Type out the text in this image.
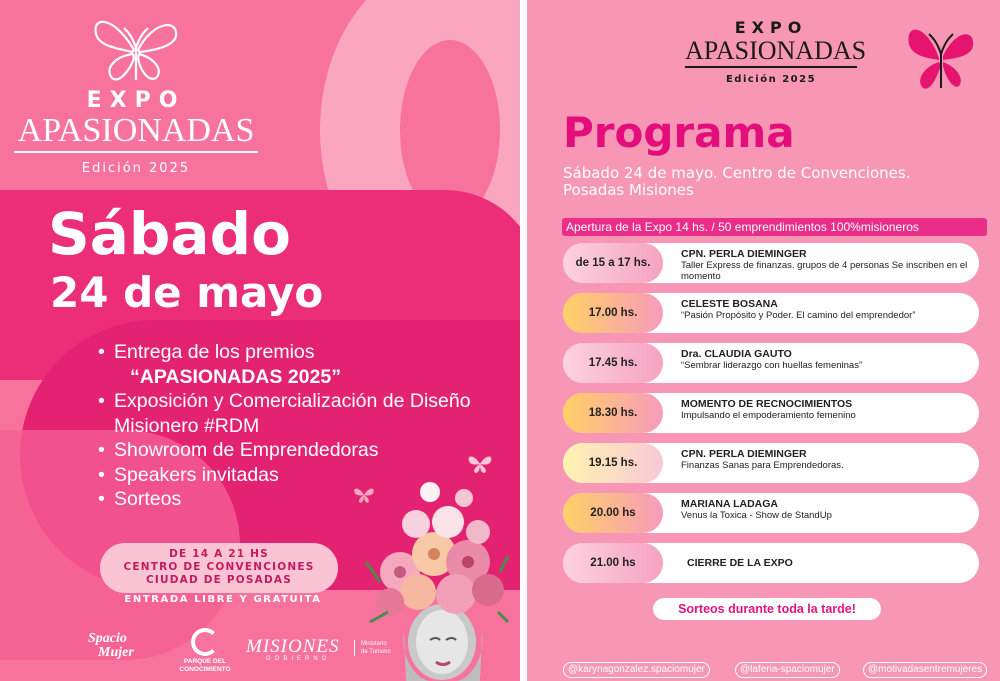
EXPO
APASIONADAS
Edición 2025
Sábado
24 de mayo
• Entrega de los premios
“APASIONADAS 2025”
• Exposición y Comercialización de Diseño Misionero #RDM
• Showroom de Emprendedoras
• Speakers invitadas
• Sorteos
DE 14 A 21 HS
CENTRO DE CONVENCIONES
CIUDAD DE POSADAS
ENTRADA LIBRE Y GRATUITA
Spacio
Mujer
PARQUE DEL
CONOCIMIENTO
MISIONES
GOBIERNO
Ministerio
de Turismo
EXPO
APASIONADAS
Edición 2025
Programa
Sábado 24 de mayo. Centro de Convenciones.
Posadas Misiones
Apertura de la Expo 14 hs. / 50 emprendimientos 100%misioneros
de 15 a 17 hs.
CPN. PERLA DIEMINGER
Taller Express de finanzas. grupos de 4 personas Se inscriben en el momento
17.00 hs.
CELESTE BOSANA
“Pasión Propósito y Poder. El camino del emprendedor”
17.45 hs.
Dra. CLAUDIA GAUTO
“Sembrar liderazgo con huellas femeninas”
18.30 hs.
MOMENTO DE RECNOCIMIENTOS
Impulsando el empoderamiento femenino
19.15 hs.
CPN. PERLA DIEMINGER
Finanzas Sanas para Emprendedoras.
20.00 hs
MARIANA LADAGA
Venus la Toxica - Show de StandUp
21.00 hs	CIERRE DE LA EXPO
Sorteos durante toda la tarde!
@karynagonzalez.spaciomujer	@laferia-spaciomujer	@motivadasentremujeres
